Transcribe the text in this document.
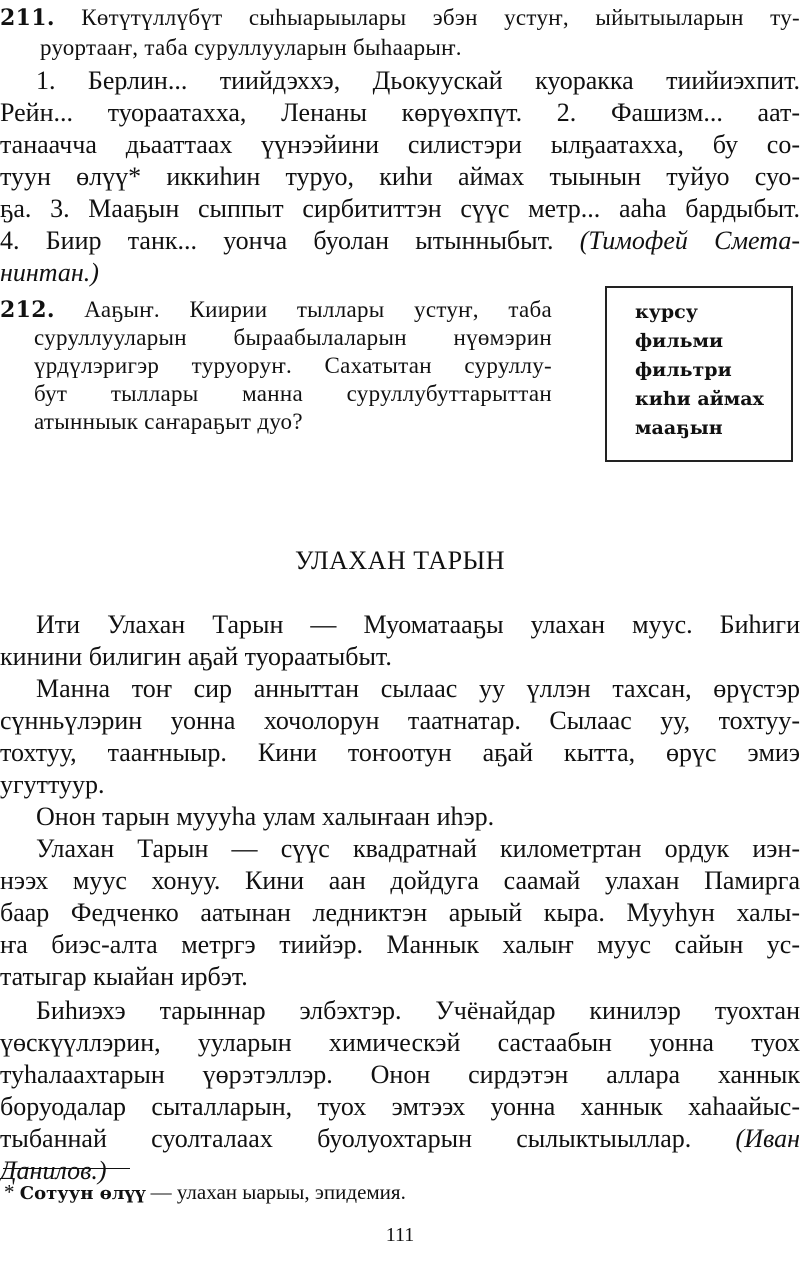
211. Көтүтүллүбүт сыһыарыылары эбэн устуҥ, ыйытыыларын ту-
руортааҥ, таба суруллууларын быһаарыҥ.
1. Берлин... тиийдэххэ, Дьокуускай куоракка тиийиэхпит.
Рейн... туораатахха, Ленаны көрүөхпүт. 2. Фашизм... аат-
танаачча дьааттаах үүнээйини силистэри ылҕаатахха, бу со-
туун өлүү* иккиһин туруо, киһи аймах тыынын туйуо суо-
ҕа. 3. Мааҕын сыппыт сирбититтэн сүүс метр... ааһа бардыбыт.
4. Биир танк... уонча буолан ытынныбыт. (Тимофей Смета-
нинтан.)
212. Ааҕыҥ. Киирии тыллары устуҥ, таба
суруллууларын быраабылаларын нүөмэрин
үрдүлэригэр туруоруҥ. Сахатытан суруллу-
бут тыллары манна суруллубуттарыттан
атынныык саҥараҕыт дуо?
курсу
фильми
фильтри
киһи аймах
мааҕын
УЛАХАН ТАРЫН
Ити Улахан Тарын — Муоматааҕы улахан муус. Биһиги
кинини билигин аҕай туораатыбыт.
Манна тоҥ сир анныттан сылаас уу үллэн тахсан, өрүстэр
сүнньүлэрин уонна хочолорун таатнатар. Сылаас уу, тохтуу-
тохтуу, тааҥныыр. Кини тоҥоотун аҕай кытта, өрүс эмиэ
угуттуур.
Онон тарын муууһа улам халыҥаан иһэр.
Улахан Тарын — сүүс квадратнай километртан ордук иэн-
нээх муус хонуу. Кини аан дойдуга саамай улахан Памирга
баар Федченко аатынан ледниктэн арыый кыра. Мууһун халы-
ҥа биэс-алта метргэ тиийэр. Маннык халыҥ муус сайын ус-
татыгар кыайан ирбэт.
Биһиэхэ тарыннар элбэхтэр. Учёнайдар кинилэр туохтан
үөскүүллэрин, ууларын химическэй састаабын уонна туох
туһалаахтарын үөрэтэллэр. Онон сирдэтэн аллара ханнык
боруодалар сыталларын, туох эмтээх уонна ханнык хаһаайыс-
тыбаннай суолталаах буолуохтарын сылыктыыллар. (Иван
Данилов.)
* Сотуун өлүү — улахан ыарыы, эпидемия.
111
